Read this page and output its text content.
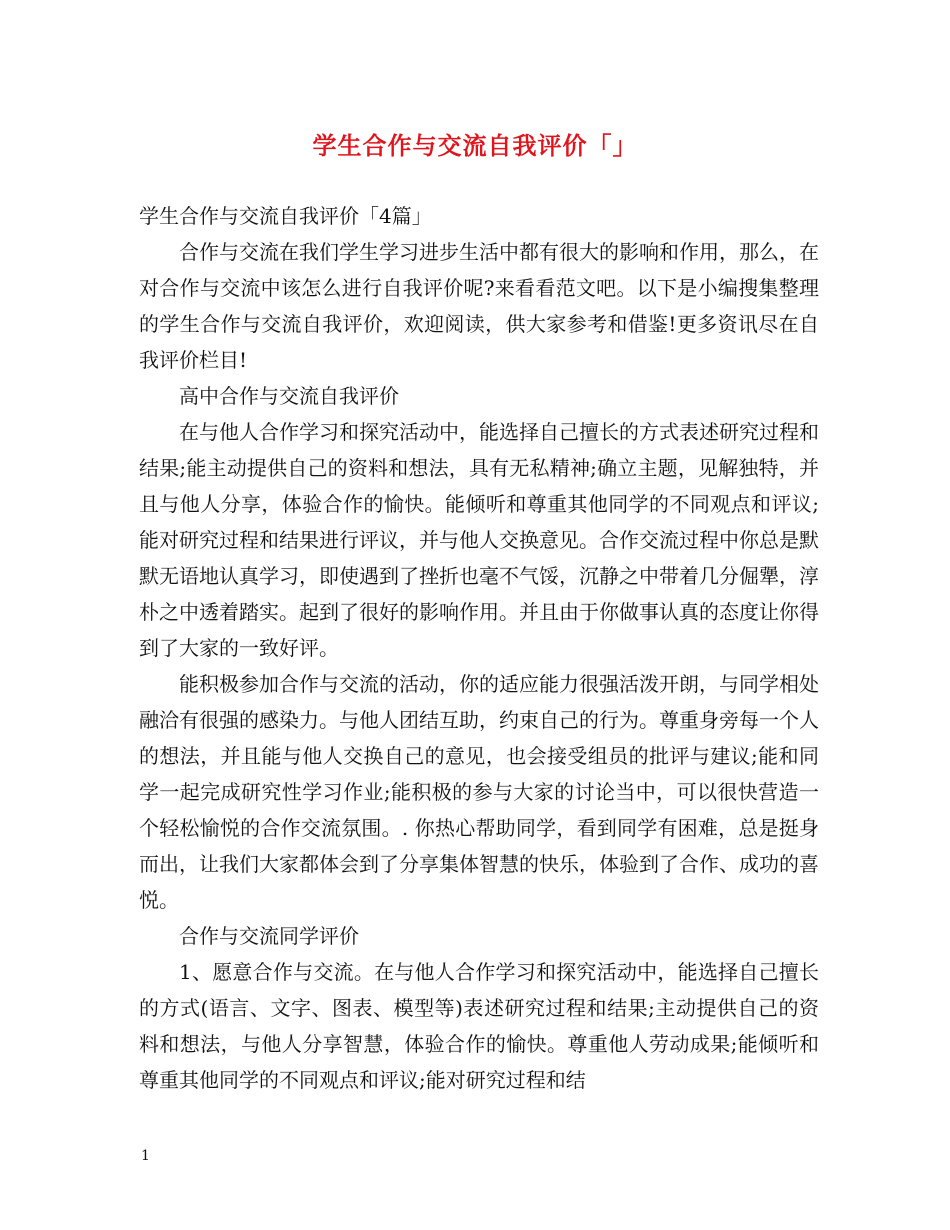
学生合作与交流自我评价「」

学生合作与交流自我评价「4篇」

合作与交流在我们学生学习进步生活中都有很大的影响和作用，那么，在对合作与交流中该怎么进行自我评价呢?来看看范文吧。以下是小编搜集整理的学生合作与交流自我评价，欢迎阅读，供大家参考和借鉴!更多资讯尽在自我评价栏目!

高中合作与交流自我评价

在与他人合作学习和探究活动中，能选择自己擅长的方式表述研究过程和结果;能主动提供自己的资料和想法，具有无私精神;确立主题，见解独特，并且与他人分享，体验合作的愉快。能倾听和尊重其他同学的不同观点和评议;能对研究过程和结果进行评议，并与他人交换意见。合作交流过程中你总是默默无语地认真学习，即使遇到了挫折也毫不气馁，沉静之中带着几分倔犟，淳朴之中透着踏实。起到了很好的影响作用。并且由于你做事认真的态度让你得到了大家的一致好评。

能积极参加合作与交流的活动，你的适应能力很强活泼开朗，与同学相处融洽有很强的感染力。与他人团结互助，约束自己的行为。尊重身旁每一个人的想法，并且能与他人交换自己的意见，也会接受组员的批评与建议;能和同学一起完成研究性学习作业;能积极的参与大家的讨论当中，可以很快营造一个轻松愉悦的合作交流氛围。. 你热心帮助同学，看到同学有困难，总是挺身而出，让我们大家都体会到了分享集体智慧的快乐，体验到了合作、成功的喜悦。

合作与交流同学评价

1、愿意合作与交流。在与他人合作学习和探究活动中，能选择自己擅长的方式(语言、文字、图表、模型等)表述研究过程和结果;主动提供自己的资料和想法，与他人分享智慧，体验合作的愉快。尊重他人劳动成果;能倾听和尊重其他同学的不同观点和评议;能对研究过程和结

1
